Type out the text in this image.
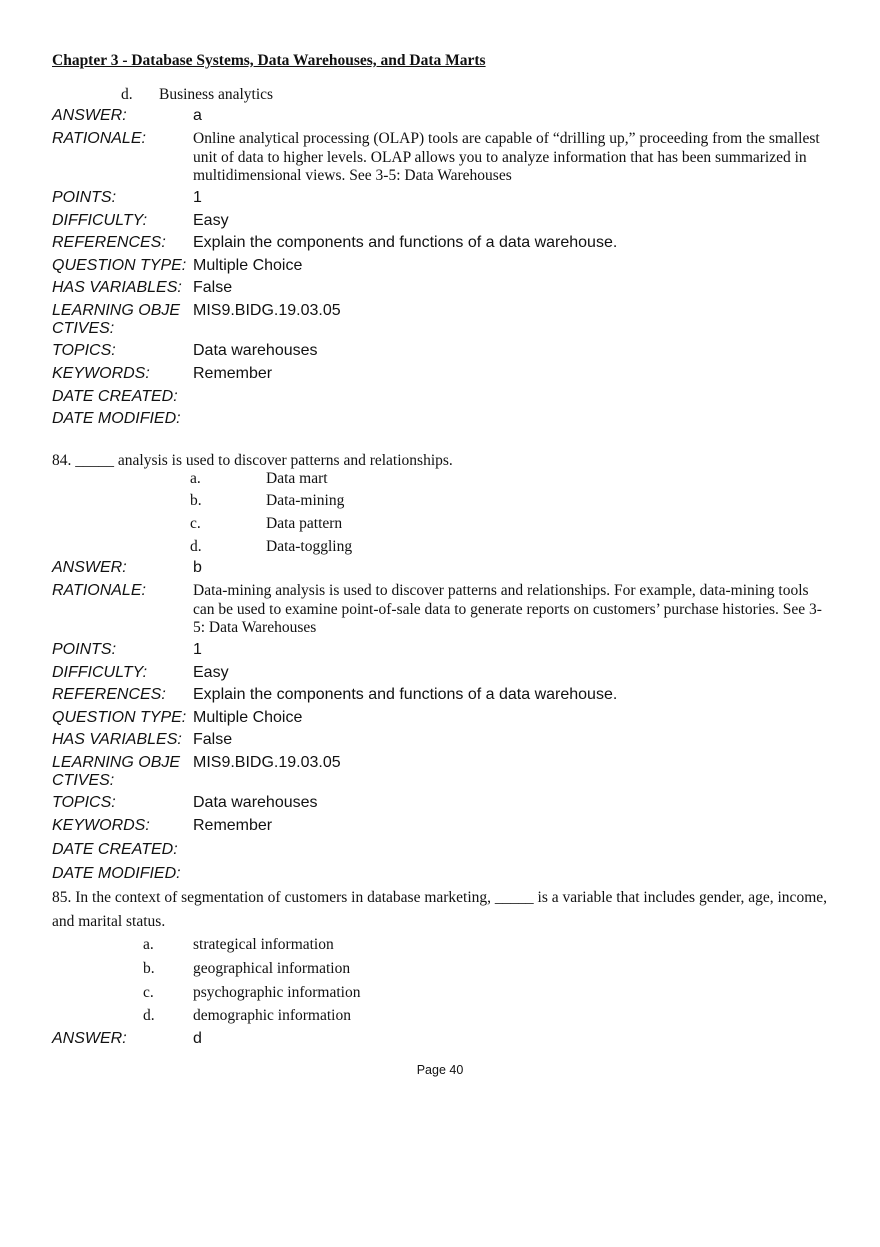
Chapter 3 - Database Systems, Data Warehouses, and Data Marts
d. Business analytics
ANSWER:	a
RATIONALE:	Online analytical processing (OLAP) tools are capable of “drilling up,” proceeding from the smallest unit of data to higher levels. OLAP allows you to analyze information that has been summarized in multidimensional views. See 3-5: Data Warehouses
POINTS:	1
DIFFICULTY:	Easy
REFERENCES: Explain the components and functions of a data warehouse.
QUESTION TYPE: Multiple Choice
HAS VARIABLES: False
LEARNING OBJECTIVES:
MIS9.BIDG.19.03.05
TOPICS:	Data warehouses
KEYWORDS:	Remember
DATE CREATED:
DATE MODIFIED:
84. _____ analysis is used to discover patterns and relationships.
a.	Data mart
b.	Data-mining
c.	Data pattern
d.	Data-toggling
ANSWER:	b
RATIONALE:	Data-mining analysis is used to discover patterns and relationships. For example, data-mining tools can be used to examine point-of-sale data to generate reports on customers’ purchase histories. See 3-5: Data Warehouses
POINTS:	1
DIFFICULTY:	Easy
REFERENCES: Explain the components and functions of a data warehouse.
QUESTION TYPE: Multiple Choice
HAS VARIABLES: False
LEARNING OBJECTIVES:
MIS9.BIDG.19.03.05
TOPICS:	Data warehouses
KEYWORDS:	Remember
DATE CREATED:
DATE MODIFIED:
85. In the context of segmentation of customers in database marketing, _____ is a variable that includes gender, age, income, and marital status.
a.	strategical information
b. geographical information
c.	psychographic information
d. demographic information
ANSWER:	d
Page 40
